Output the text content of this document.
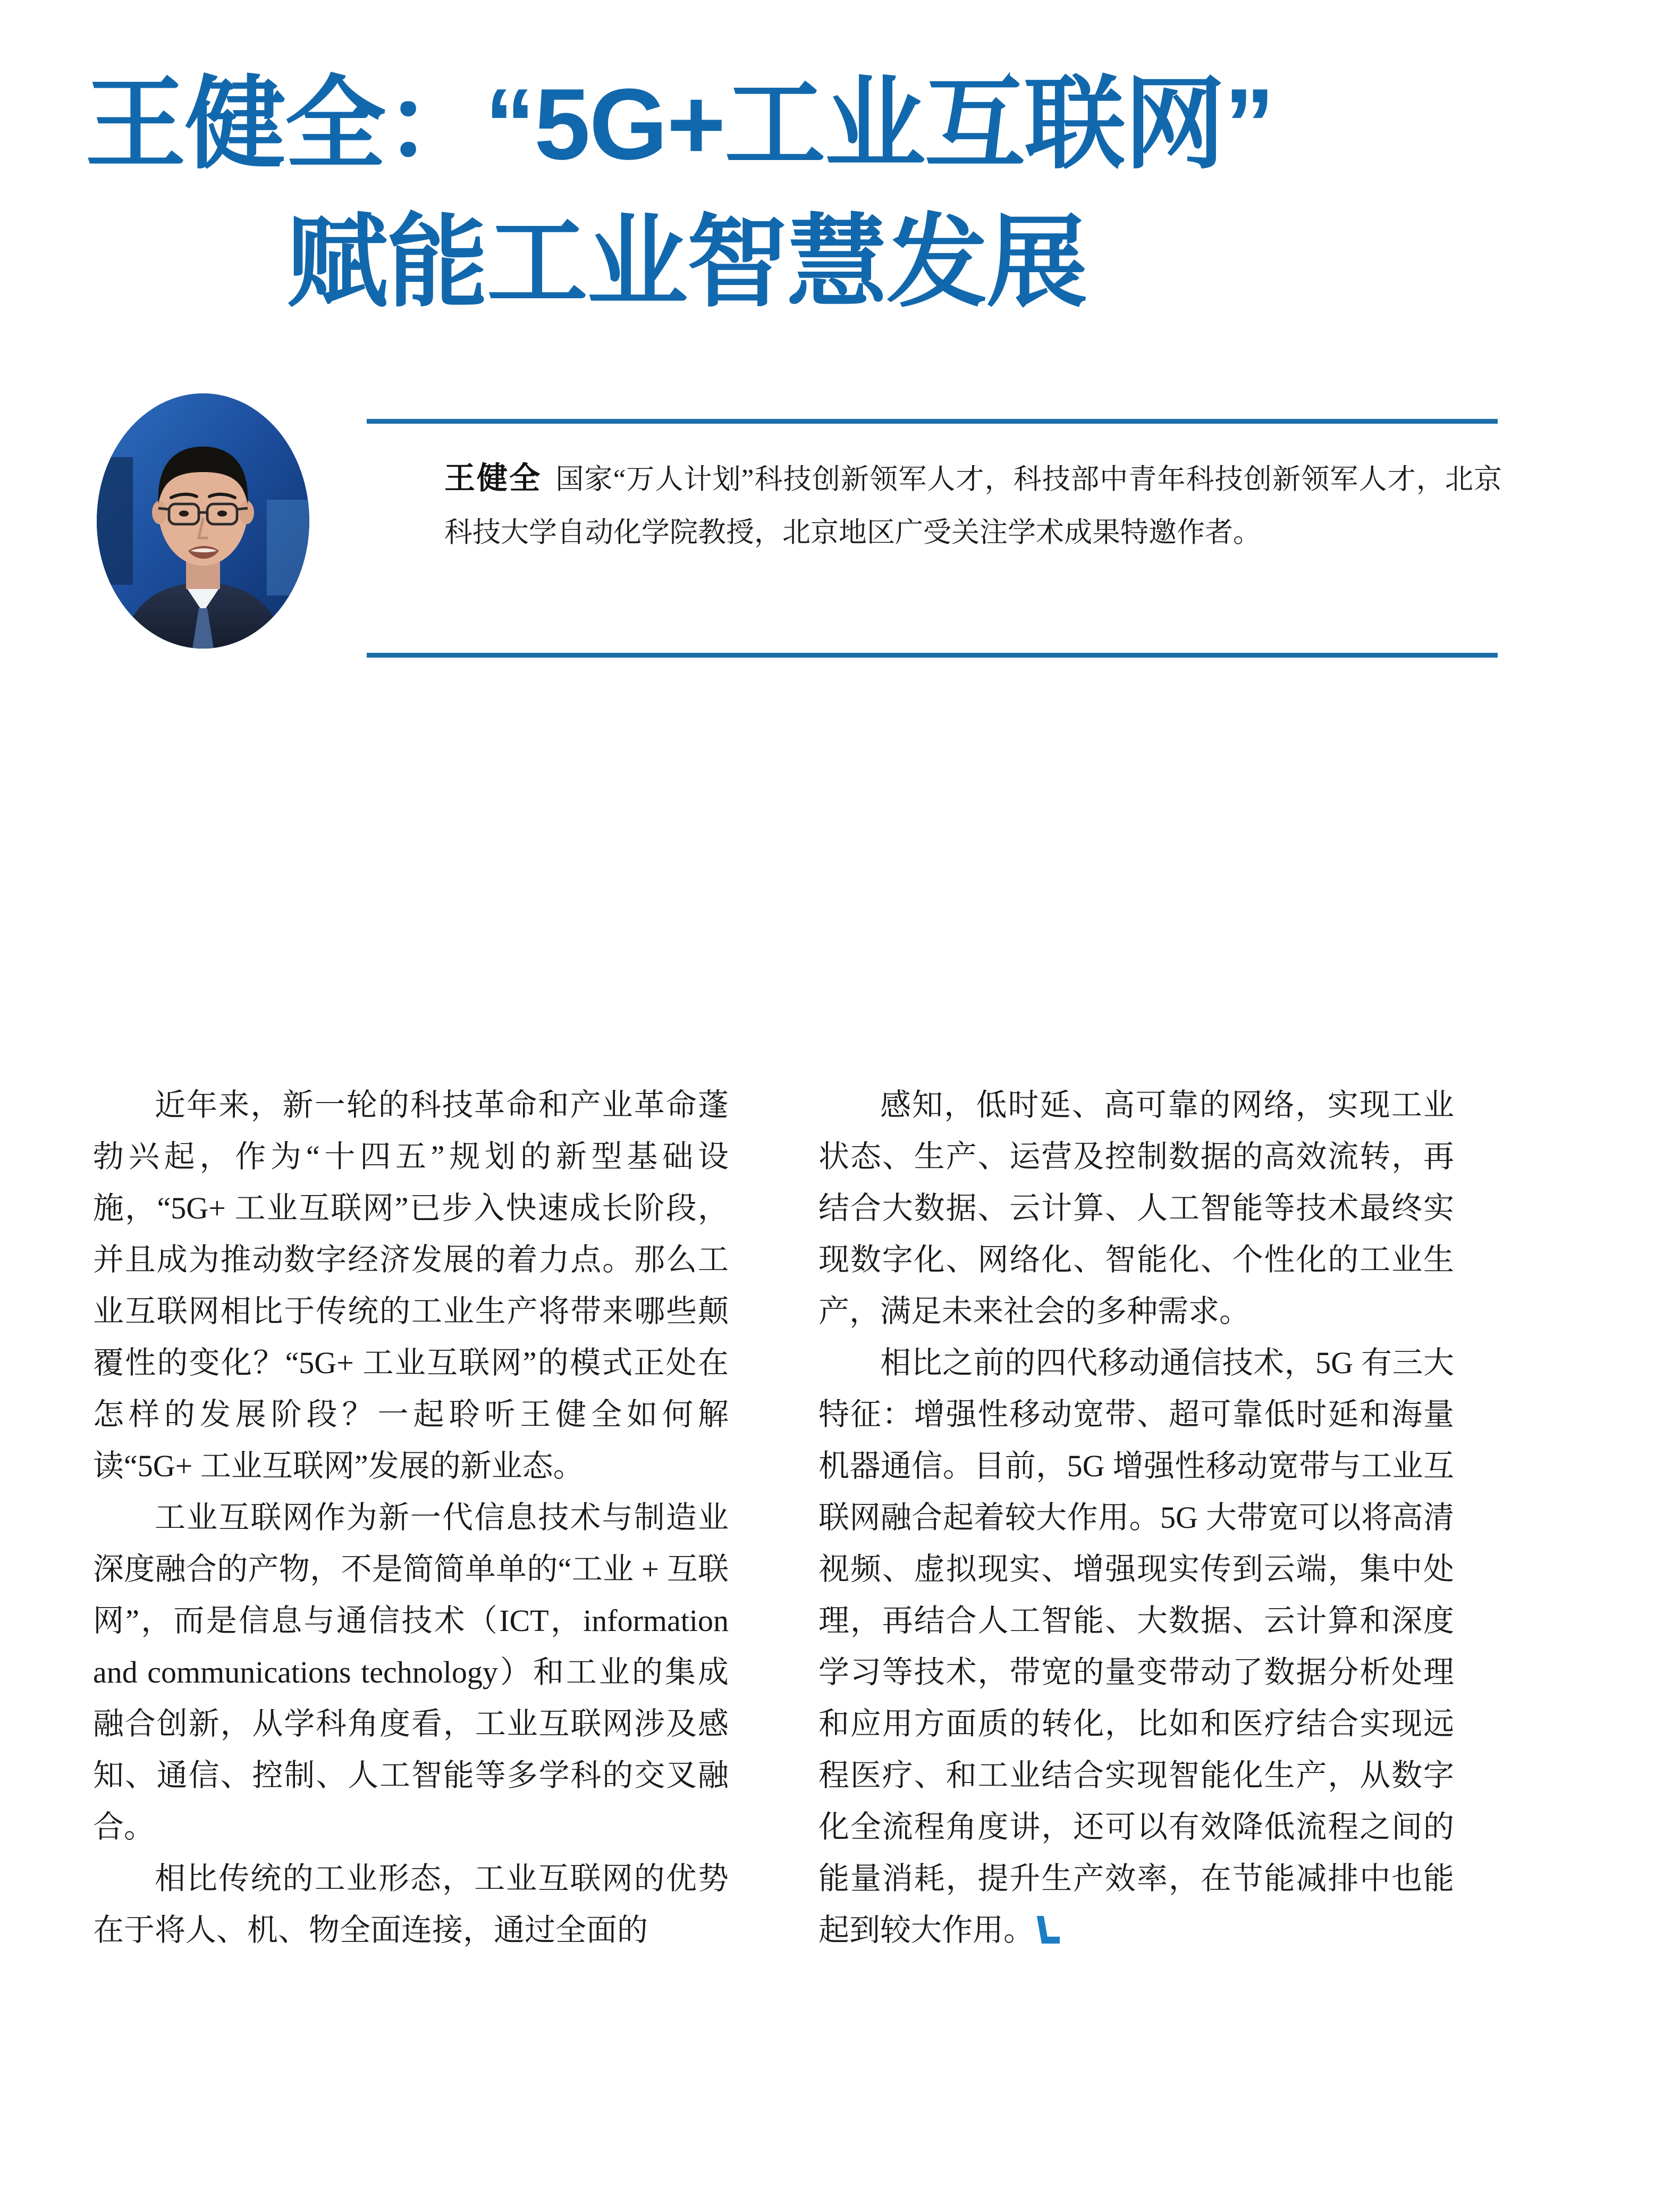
王健全：“5G+工业互联网”
赋能工业智慧发展
王健全 国家“万人计划”科技创新领军人才，科技部中青年科技创新领军人才，北京科技大学自动化学院教授，北京地区广受关注学术成果特邀作者。

近年来，新一轮的科技革命和产业革命蓬勃兴起，作为“十四五”规划的新型基础设施，“5G+ 工业互联网”已步入快速成长阶段，并且成为推动数字经济发展的着力点。那么工业互联网相比于传统的工业生产将带来哪些颠覆性的变化？“5G+ 工业互联网”的模式正处在怎样的发展阶段？一起聆听王健全如何解读“5G+ 工业互联网”发展的新业态。

工业互联网作为新一代信息技术与制造业深度融合的产物，不是简简单单的“工业 + 互联网”，而是信息与通信技术（ICT，information and communications technology）和工业的集成融合创新，从学科角度看，工业互联网涉及感知、通信、控制、人工智能等多学科的交叉融合。

相比传统的工业形态，工业互联网的优势在于将人、机、物全面连接，通过全面的

感知，低时延、高可靠的网络，实现工业状态、生产、运营及控制数据的高效流转，再结合大数据、云计算、人工智能等技术最终实现数字化、网络化、智能化、个性化的工业生产，满足未来社会的多种需求。

相比之前的四代移动通信技术，5G 有三大特征：增强性移动宽带、超可靠低时延和海量机器通信。目前，5G 增强性移动宽带与工业互联网融合起着较大作用。5G 大带宽可以将高清视频、虚拟现实、增强现实传到云端，集中处理，再结合人工智能、大数据、云计算和深度学习等技术，带宽的量变带动了数据分析处理和应用方面质的转化，比如和医疗结合实现远程医疗、和工业结合实现智能化生产，从数字化全流程角度讲，还可以有效降低流程之间的能量消耗，提升生产效率，在节能减排中也能起到较大作用。
